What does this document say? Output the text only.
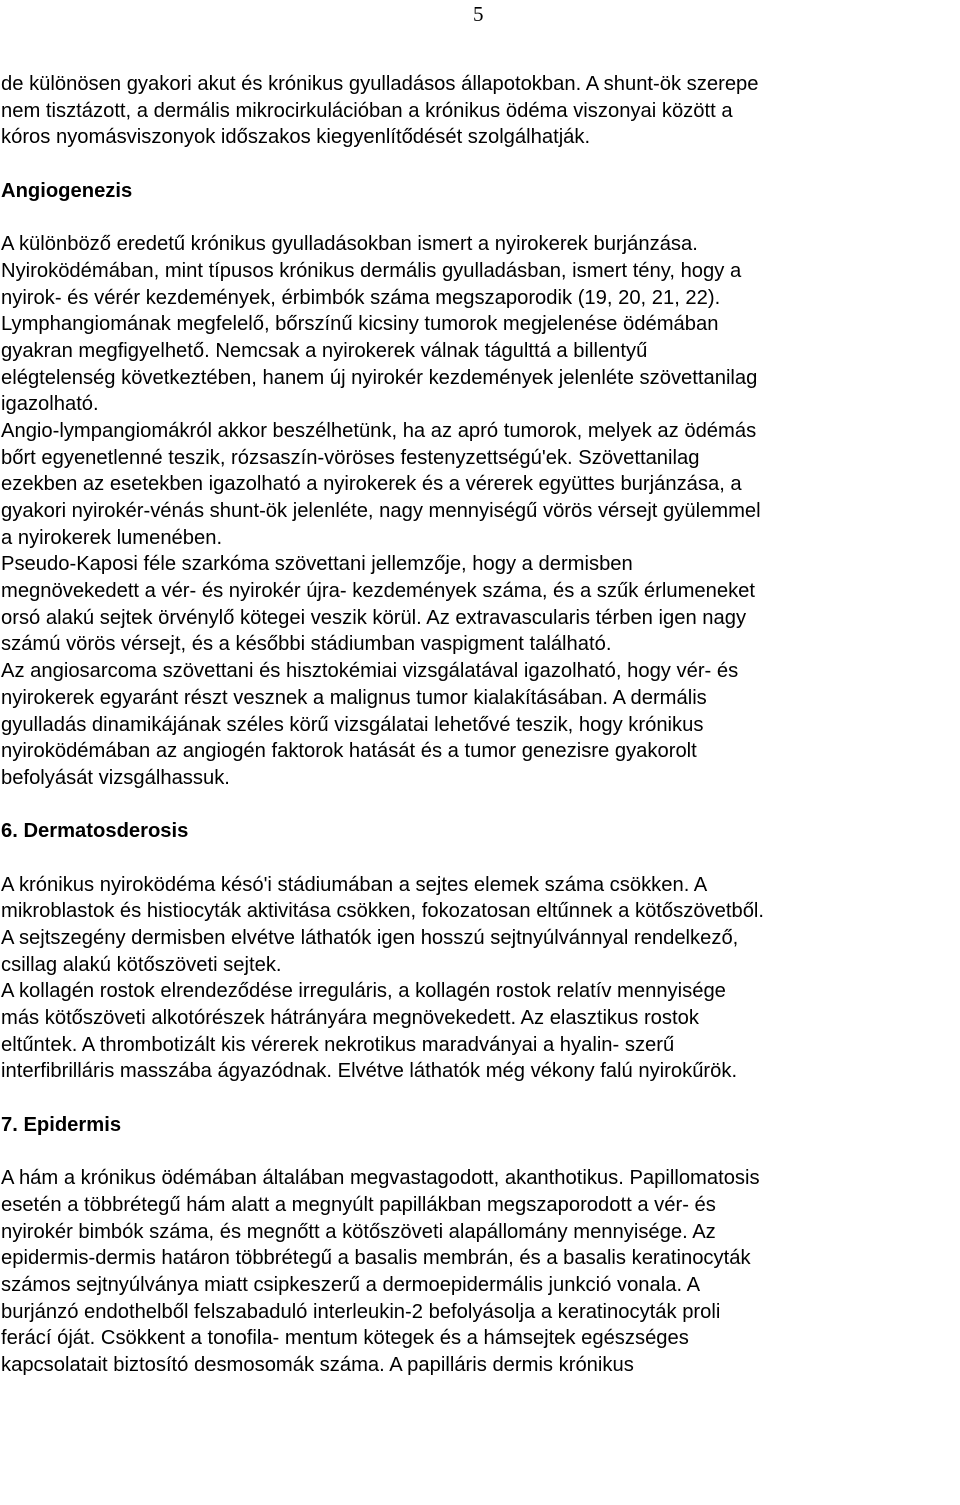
5
de különösen gyakori akut és krónikus gyulladásos állapotokban. A shunt-ök szerepe
nem tisztázott, a dermális mikrocirkulációban a krónikus ödéma viszonyai között a
kóros nyomásviszonyok időszakos kiegyenlítődését szolgálhatják.
Angiogenezis
A különböző eredetű krónikus gyulladásokban ismert a nyirokerek burjánzása.
Nyiroködémában, mint típusos krónikus dermális gyulladásban, ismert tény, hogy a
nyirok- és vérér kezdemények, érbimbók száma megszaporodik (19, 20, 21, 22).
Lymphangiomának megfelelő, bőrszínű kicsiny tumorok megjelenése ödémában
gyakran megfigyelhető. Nemcsak a nyirokerek válnak tágulttá a billentyű
elégtelenség következtében, hanem új nyirokér kezdemények jelenléte szövettanilag
igazolható.
Angio-lympangiomákról akkor beszélhetünk, ha az apró tumorok, melyek az ödémás
bőrt egyenetlenné teszik, rózsaszín-vöröses festenyzettségú'ek. Szövettanilag
ezekben az esetekben igazolható a nyirokerek és a vérerek együttes burjánzása, a
gyakori nyirokér-vénás shunt-ök jelenléte, nagy mennyiségű vörös vérsejt gyülemmel
a nyirokerek lumenében.
Pseudo-Kaposi féle szarkóma szövettani jellemzője, hogy a dermisben
megnövekedett a vér- és nyirokér újra- kezdemények száma, és a szűk érlumeneket
orsó alakú sejtek örvénylő kötegei veszik körül. Az extravascularis térben igen nagy
számú vörös vérsejt, és a későbbi stádiumban vaspigment található.
Az angiosarcoma szövettani és hisztokémiai vizsgálatával igazolható, hogy vér- és
nyirokerek egyaránt részt vesznek a malignus tumor kialakításában. A dermális
gyulladás dinamikájának széles körű vizsgálatai lehetővé teszik, hogy krónikus
nyiroködémában az angiogén faktorok hatását és a tumor genezisre gyakorolt
befolyását vizsgálhassuk.
6. Dermatosderosis
A krónikus nyiroködéma késó'i stádiumában a sejtes elemek száma csökken. A
mikroblastok és histiocyták aktivitása csökken, fokozatosan eltűnnek a kötőszövetből.
A sejtszegény dermisben elvétve láthatók igen hosszú sejtnyúlvánnyal rendelkező,
csillag alakú kötőszöveti sejtek.
A kollagén rostok elrendeződése irreguláris, a kollagén rostok relatív mennyisége
más kötőszöveti alkotórészek hátrányára megnövekedett. Az elasztikus rostok
eltűntek. A thrombotizált kis vérerek nekrotikus maradványai a hyalin- szerű
interfibrilláris masszába ágyazódnak. Elvétve láthatók még vékony falú nyirokűrök.
7. Epidermis
A hám a krónikus ödémában általában megvastagodott, akanthotikus. Papillomatosis
esetén a többrétegű hám alatt a megnyúlt papillákban megszaporodott a vér- és
nyirokér bimbók száma, és megnőtt a kötőszöveti alapállomány mennyisége. Az
epidermis-dermis határon többrétegű a basalis membrán, és a basalis keratinocyták
számos sejtnyúlványa miatt csipkeszerű a dermoepidermális junkció vonala. A
burjánzó endothelből felszabaduló interleukin-2 befolyásolja a keratinocyták proli
ferácí óját. Csökkent a tonofila- mentum kötegek és a hámsejtek egészséges
kapcsolatait biztosító desmosomák száma. A papilláris dermis krónikus
